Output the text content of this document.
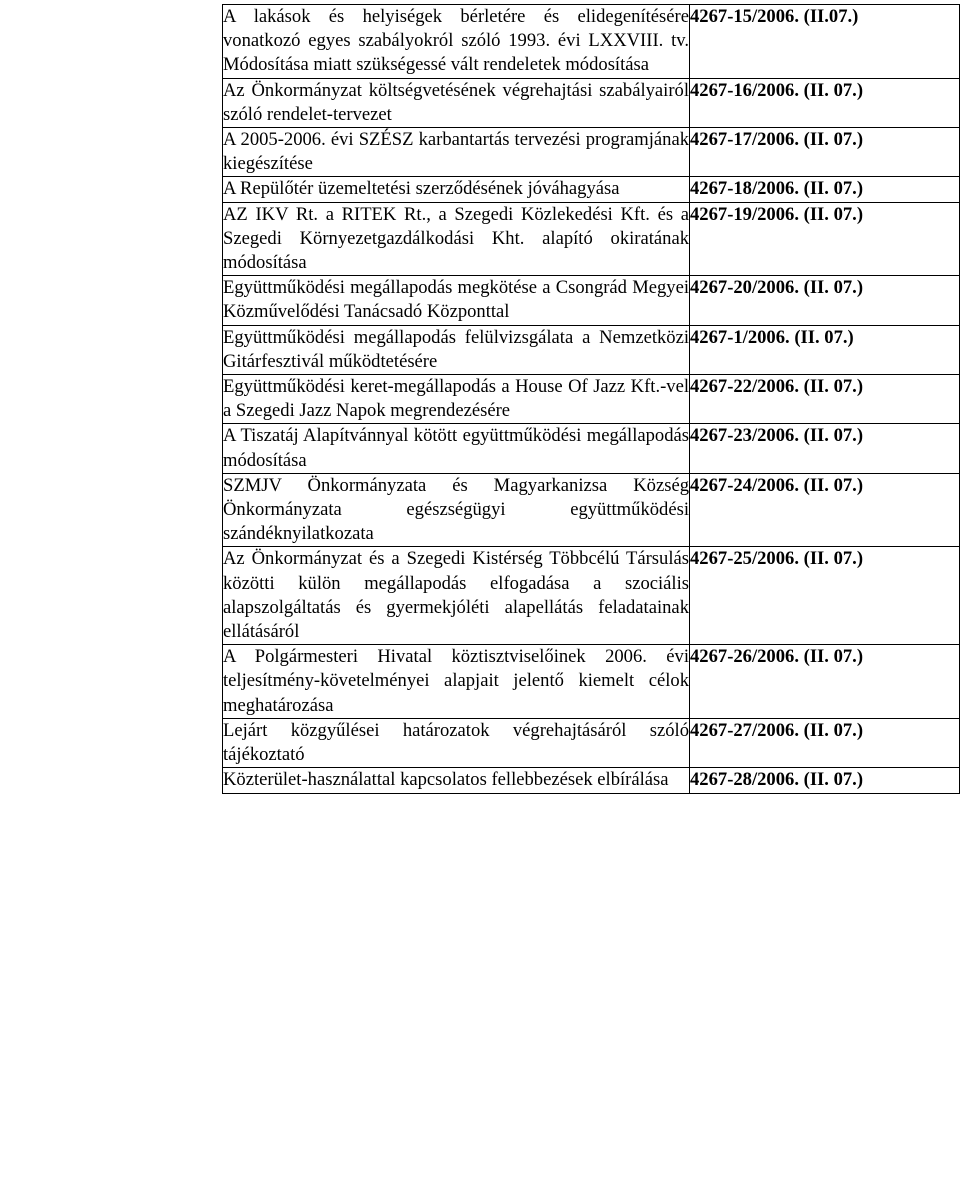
A lakások és helyiségek bérletére és elidegenítésére vonatkozó egyes szabályokról szóló 1993. évi LXXVIII. tv. Módosítása miatt szükségessé vált rendeletek módosítása	4267-15/2006. (II.07.)
Az Önkormányzat költségvetésének végrehajtási szabályairól szóló rendelet-tervezet	4267-16/2006. (II. 07.)
A 2005-2006. évi SZÉSZ karbantartás tervezési programjának kiegészítése	4267-17/2006. (II. 07.)
A Repülőtér üzemeltetési szerződésének jóváhagyása	4267-18/2006. (II. 07.)
AZ IKV Rt. a RITEK Rt., a Szegedi Közlekedési Kft. és a Szegedi Környezetgazdálkodási Kht. alapító okiratának módosítása	4267-19/2006. (II. 07.)
Együttműködési megállapodás megkötése a Csongrád Megyei Közművelődési Tanácsadó Központtal	4267-20/2006. (II. 07.)
Együttműködési megállapodás felülvizsgálata a Nemzetközi Gitárfesztivál működtetésére	4267-1/2006. (II. 07.)
Együttműködési keret-megállapodás a House Of Jazz Kft.-vel a Szegedi Jazz Napok megrendezésére	4267-22/2006. (II. 07.)
A Tiszatáj Alapítvánnyal kötött együttműködési megállapodás módosítása	4267-23/2006. (II. 07.)
SZMJV Önkormányzata és Magyarkanizsa Község Önkormányzata egészségügyi együttműködési szándéknyilatkozata	4267-24/2006. (II. 07.)
Az Önkormányzat és a Szegedi Kistérség Többcélú Társulás közötti külön megállapodás elfogadása a szociális alapszolgáltatás és gyermekjóléti alapellátás feladatainak ellátásáról	4267-25/2006. (II. 07.)
A Polgármesteri Hivatal köztisztviselőinek 2006. évi teljesítmény-követelményei alapjait jelentő kiemelt célok meghatározása	4267-26/2006. (II. 07.)
Lejárt közgyűlései határozatok végrehajtásáról szóló tájékoztató	4267-27/2006. (II. 07.)
Közterület-használattal kapcsolatos fellebbezések elbírálása	4267-28/2006. (II. 07.)
